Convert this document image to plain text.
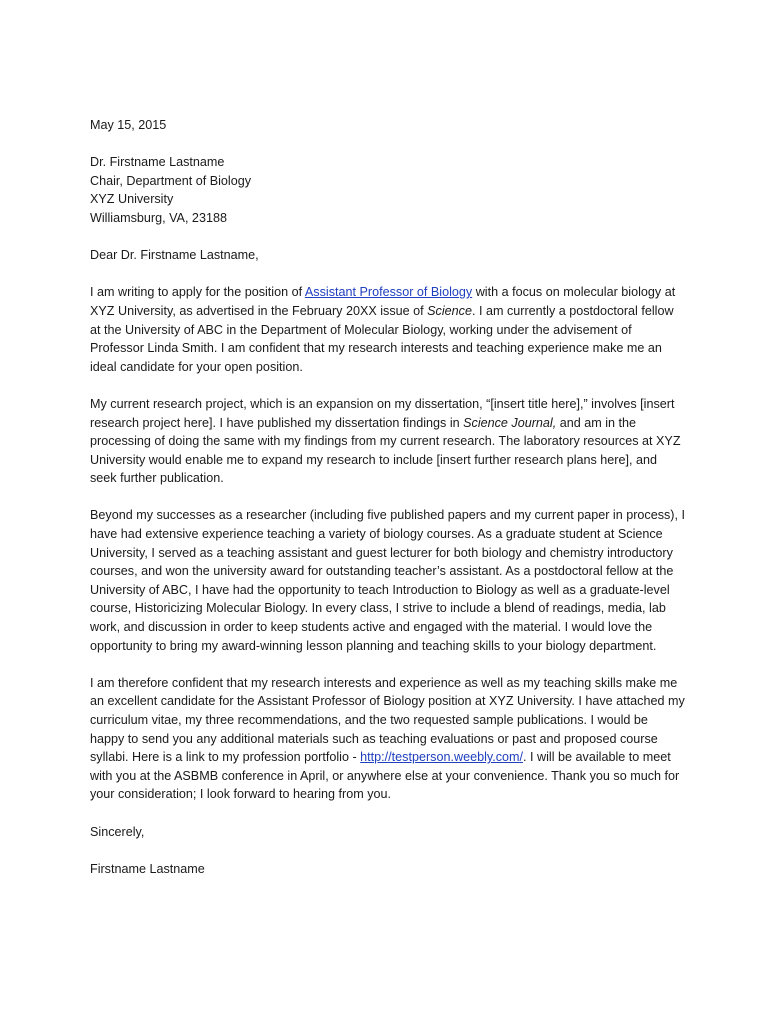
May 15, 2015

Dr. Firstname Lastname

Chair, Department of Biology

XYZ University

Williamsburg, VA, 23188

Dear Dr. Firstname Lastname,

I am writing to apply for the position of Assistant Professor of Biology with a focus on molecular biology at XYZ University, as advertised in the February 20XX issue of Science. I am currently a postdoctoral fellow at the University of ABC in the Department of Molecular Biology, working under the advisement of Professor Linda Smith. I am confident that my research interests and teaching experience make me an ideal candidate for your open position.

My current research project, which is an expansion on my dissertation, “[insert title here],” involves [insert research project here]. I have published my dissertation findings in Science Journal, and am in the processing of doing the same with my findings from my current research. The laboratory resources at XYZ University would enable me to expand my research to include [insert further research plans here], and seek further publication.

Beyond my successes as a researcher (including five published papers and my current paper in process), I have had extensive experience teaching a variety of biology courses. As a graduate student at Science University, I served as a teaching assistant and guest lecturer for both biology and chemistry introductory courses, and won the university award for outstanding teacher’s assistant. As a postdoctoral fellow at the University of ABC, I have had the opportunity to teach Introduction to Biology as well as a graduate-level course, Historicizing Molecular Biology. In every class, I strive to include a blend of readings, media, lab work, and discussion in order to keep students active and engaged with the material. I would love the opportunity to bring my award-winning lesson planning and teaching skills to your biology department.

I am therefore confident that my research interests and experience as well as my teaching skills make me an excellent candidate for the Assistant Professor of Biology position at XYZ University. I have attached my curriculum vitae, my three recommendations, and the two requested sample publications. I would be happy to send you any additional materials such as teaching evaluations or past and proposed course syllabi. Here is a link to my profession portfolio - http://testperson.weebly.com/. I will be available to meet with you at the ASBMB conference in April, or anywhere else at your convenience. Thank you so much for your consideration; I look forward to hearing from you.

Sincerely,

Firstname Lastname
